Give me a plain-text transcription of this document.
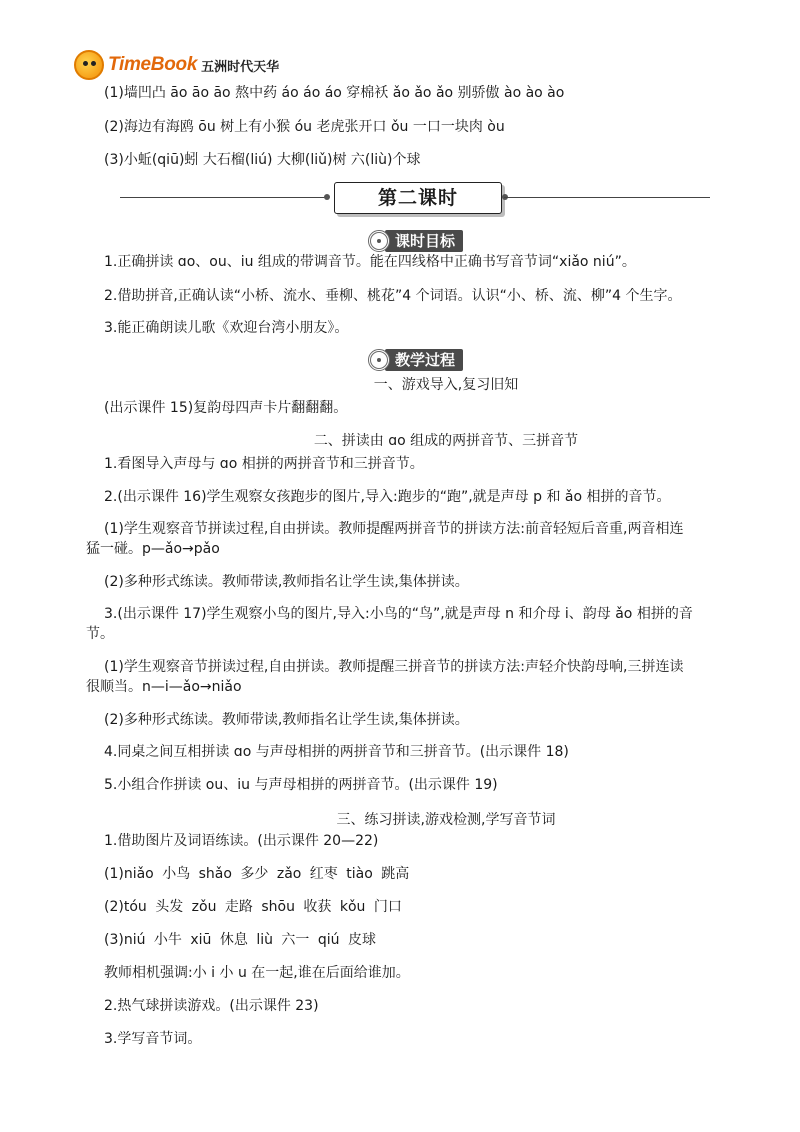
TimeBook 五洲时代天华
(1)墙凹凸 āo āo āo 熬中药 áo áo áo 穿棉袄 ǎo ǎo ǎo 别骄傲 ào ào ào
(2)海边有海鸥 ōu 树上有小猴 óu 老虎张开口 ǒu 一口一块肉 òu
(3)小蚯(qiū)蚓 大石榴(liú) 大柳(liǔ)树 六(liù)个球
第二课时
课时目标
1.正确拼读 ɑo、ou、iu 组成的带调音节。能在四线格中正确书写音节词“xiǎo niú”。
2.借助拼音,正确认读“小桥、流水、垂柳、桃花”4 个词语。认识“小、桥、流、柳”4 个生字。
3.能正确朗读儿歌《欢迎台湾小朋友》。
教学过程
一、游戏导入,复习旧知
(出示课件 15)复韵母四声卡片翻翻翻。
二、拼读由 ɑo 组成的两拼音节、三拼音节
1.看图导入声母与 ɑo 相拼的两拼音节和三拼音节。
2.(出示课件 16)学生观察女孩跑步的图片,导入:跑步的“跑”,就是声母 p 和 ǎo 相拼的音节。
(1)学生观察音节拼读过程,自由拼读。教师提醒两拼音节的拼读方法:前音轻短后音重,两音相连
猛一碰。p—ǎo→pǎo
(2)多种形式练读。教师带读,教师指名让学生读,集体拼读。
3.(出示课件 17)学生观察小鸟的图片,导入:小鸟的“鸟”,就是声母 n 和介母 i、韵母 ǎo 相拼的音
节。
(1)学生观察音节拼读过程,自由拼读。教师提醒三拼音节的拼读方法:声轻介快韵母响,三拼连读
很顺当。n—i—ǎo→niǎo
(2)多种形式练读。教师带读,教师指名让学生读,集体拼读。
4.同桌之间互相拼读 ɑo 与声母相拼的两拼音节和三拼音节。(出示课件 18)
5.小组合作拼读 ou、iu 与声母相拼的两拼音节。(出示课件 19)
三、练习拼读,游戏检测,学写音节词
1.借助图片及词语练读。(出示课件 20—22)
(1)niǎo 小鸟 shǎo 多少 zǎo 红枣 tiào 跳高
(2)tóu 头发 zǒu 走路 shōu 收获 kǒu 门口
(3)niú 小牛 xiū 休息 liù 六一 qiú 皮球
教师相机强调:小 i 小 u 在一起,谁在后面给谁加。
2.热气球拼读游戏。(出示课件 23)
3.学写音节词。
